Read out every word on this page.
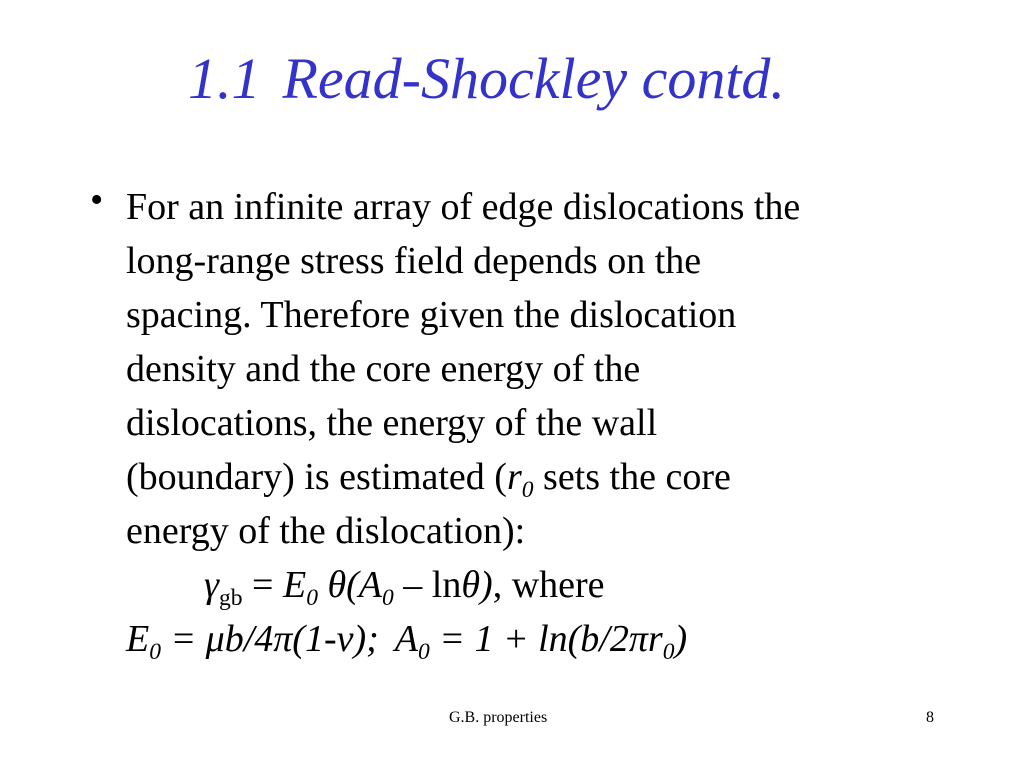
1.1 Read-Shockley contd.
• For an infinite array of edge dislocations the
long-range stress field depends on the
spacing. Therefore given the dislocation
density and the core energy of the
dislocations, the energy of the wall
(boundary) is estimated ($r_0$ sets the core
energy of the dislocation):
$\gamma_{gb} = E_0$ $\theta(A_0 - \ln\theta)$, where
$E_0 = \mu b/4\pi(1-\nu)$; $A_0 = 1 + \ln(b/2\pi r_0)$
G.B. properties	8
